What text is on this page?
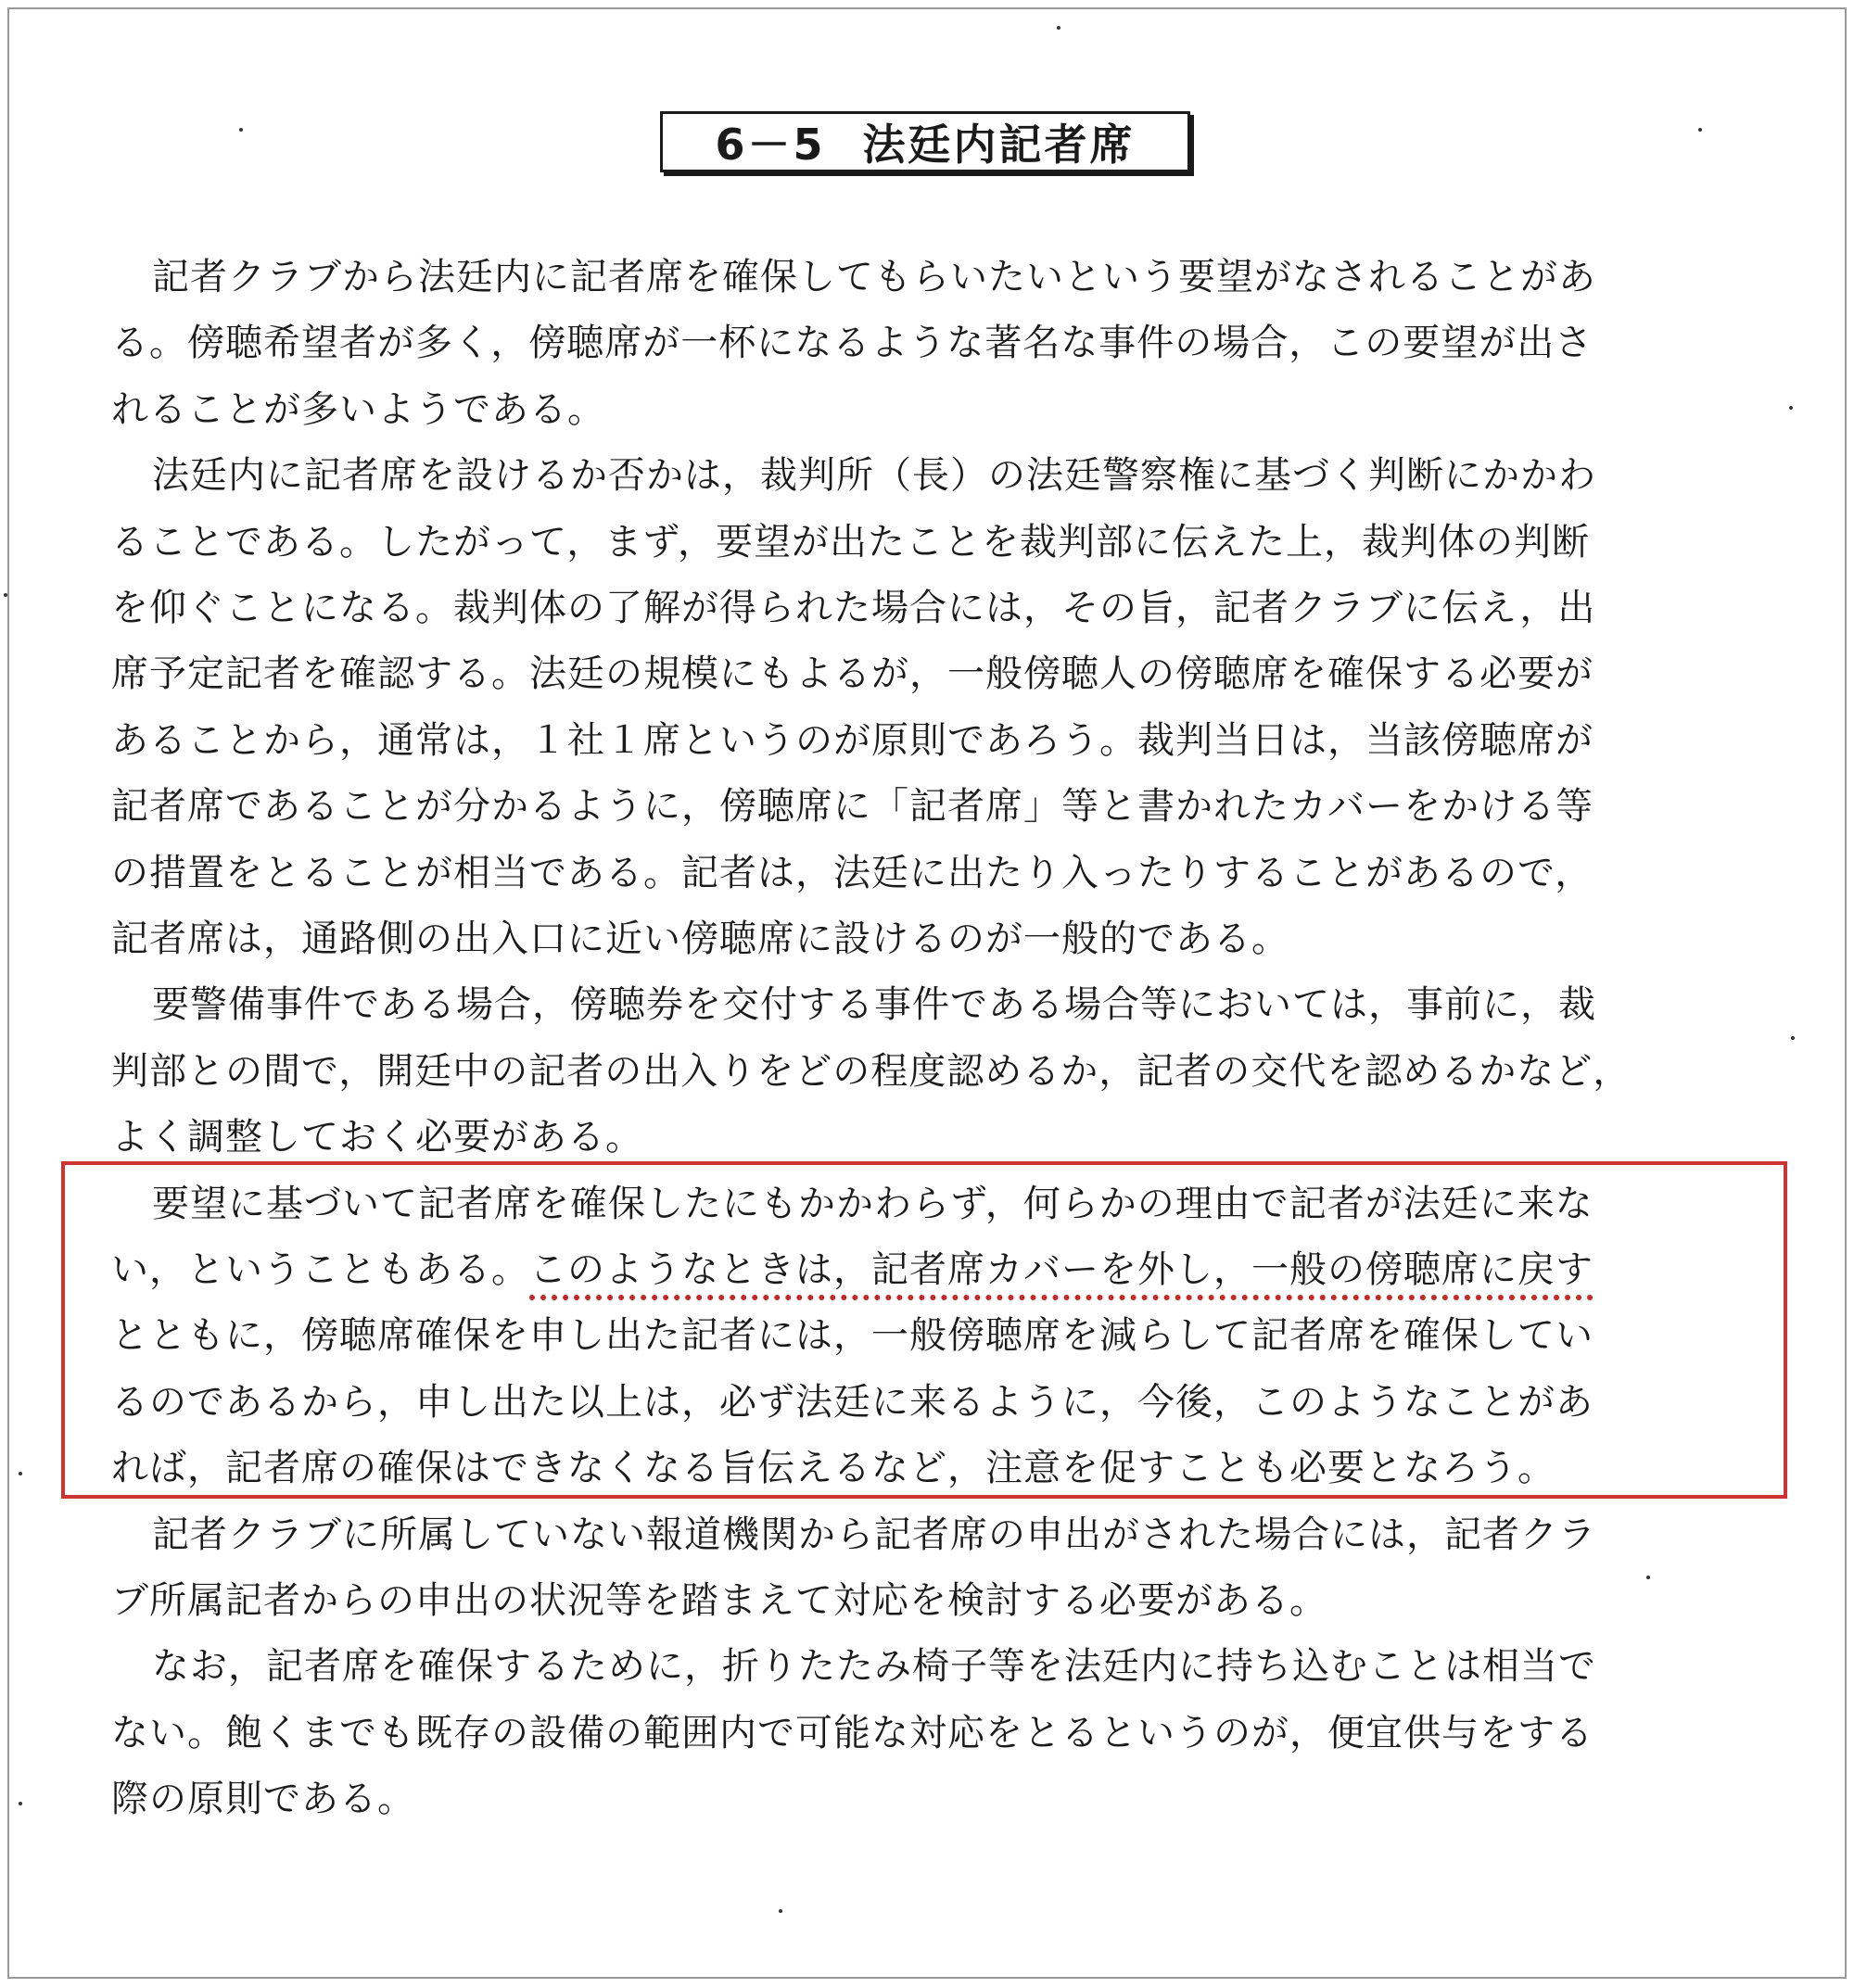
6－5 法廷内記者席
記者クラブから法廷内に記者席を確保してもらいたいという要望がなされることがあ
る。傍聴希望者が多く，傍聴席が一杯になるような著名な事件の場合，この要望が出さ
れることが多いようである。
法廷内に記者席を設けるか否かは，裁判所（長）の法廷警察権に基づく判断にかかわ
ることである。したがって，まず，要望が出たことを裁判部に伝えた上，裁判体の判断
を仰ぐことになる。裁判体の了解が得られた場合には，その旨，記者クラブに伝え，出
席予定記者を確認する。法廷の規模にもよるが，一般傍聴人の傍聴席を確保する必要が
あることから，通常は，１社１席というのが原則であろう。裁判当日は，当該傍聴席が
記者席であることが分かるように，傍聴席に「記者席」等と書かれたカバーをかける等
の措置をとることが相当である。記者は，法廷に出たり入ったりすることがあるので，
記者席は，通路側の出入口に近い傍聴席に設けるのが一般的である。
要警備事件である場合，傍聴券を交付する事件である場合等においては，事前に，裁
判部との間で，開廷中の記者の出入りをどの程度認めるか，記者の交代を認めるかなど，
よく調整しておく必要がある。
要望に基づいて記者席を確保したにもかかわらず，何らかの理由で記者が法廷に来な
い，ということもある。このようなときは，記者席カバーを外し，一般の傍聴席に戻す
とともに，傍聴席確保を申し出た記者には，一般傍聴席を減らして記者席を確保してい
るのであるから，申し出た以上は，必ず法廷に来るように，今後，このようなことがあ
れば，記者席の確保はできなくなる旨伝えるなど，注意を促すことも必要となろう。
記者クラブに所属していない報道機関から記者席の申出がされた場合には，記者クラ
ブ所属記者からの申出の状況等を踏まえて対応を検討する必要がある。
なお，記者席を確保するために，折りたたみ椅子等を法廷内に持ち込むことは相当で
ない。飽くまでも既存の設備の範囲内で可能な対応をとるというのが，便宜供与をする
際の原則である。
